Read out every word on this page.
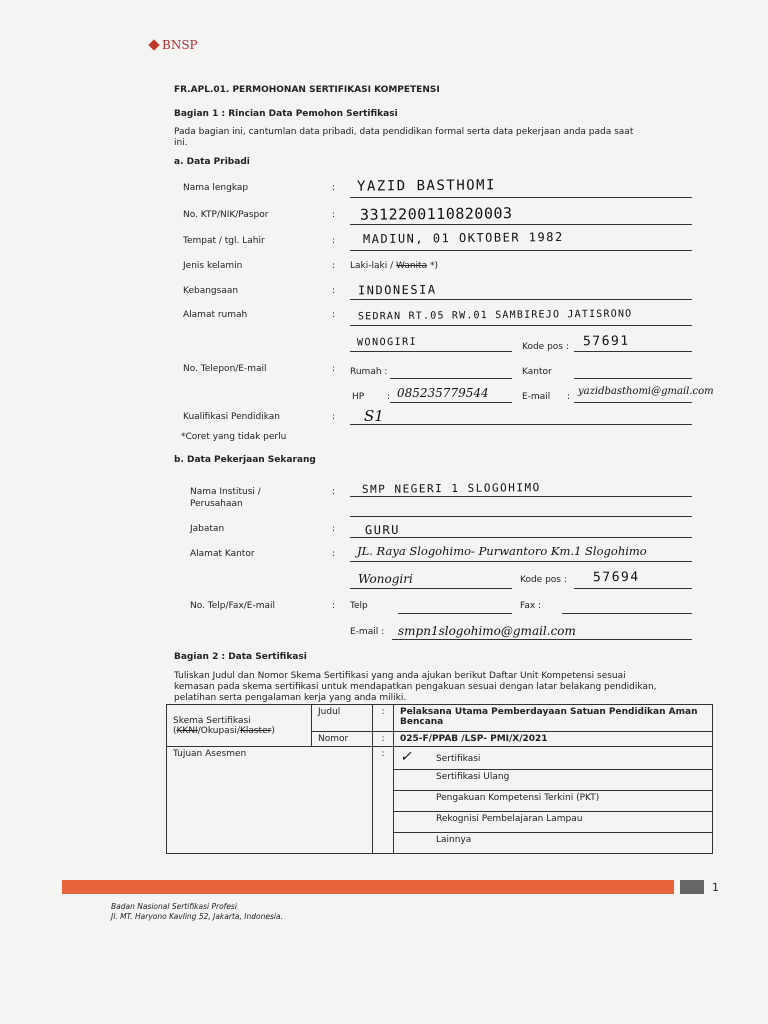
BNSP
FR.APL.01. PERMOHONAN SERTIFIKASI KOMPETENSI
Bagian 1 : Rincian Data Pemohon Sertifikasi
Pada bagian ini, cantumlan data pribadi, data pendidikan formal serta data pekerjaan anda pada saat
ini.
a. Data Pribadi
Nama lengkap	: YAZID BASTHOMI
No. KTP/NIK/Paspor	: 3312200110820003
Tempat / tgl. Lahir	: MADIUN, 01 OKTOBER 1982
Jenis kelamin	: Laki-laki / Wanita *)
Kebangsaan	: INDONESIA
Alamat rumah	: SEDRAN RT.05 RW.01 SAMBIREJO JATISRONO
WONOGIRI	Kode pos : 57691
No. Telepon/E-mail	: Rumah :	Kantor
HP	: 085235779544	E-mail : yazidbasthomi@gmail.com
Kualifikasi Pendidikan	: S1
*Coret yang tidak perlu
b. Data Pekerjaan Sekarang
Nama Institusi /
Perusahaan
: SMP NEGERI 1 SLOGOHIMO
Jabatan	: GURU
Alamat Kantor	: JL. Raya Slogohimo- Purwantoro Km.1 Slogohimo
Wonogiri	Kode pos : 57694
No. Telp/Fax/E-mail	: Telp	Fax :
E-mail : smpn1slogohimo@gmail.com
Bagian 2 : Data Sertifikasi
Tuliskan Judul dan Nomor Skema Sertifikasi yang anda ajukan berikut Daftar Unit Kompetensi sesuai
kemasan pada skema sertifikasi untuk mendapatkan pengakuan sesuai dengan latar belakang pendidikan,
pelatihan serta pengalaman kerja yang anda miliki.
Skema Sertifikasi
(KKNI/Okupasi/Klaster)	Judul	:	Pelaksana Utama Pemberdayaan Satuan Pendidikan Aman Bencana
	Nomor	:	025-F/PPAB /LSP- PMI/X/2021
Tujuan Asesmen		:	✓ Sertifikasi
			Sertifikasi Ulang
			Pengakuan Kompetensi Terkini (PKT)
			Rekognisi Pembelajaran Lampau
			Lainnya
1
Badan Nasional Sertifikasi Profesi
Jl. MT. Haryono Kavling 52, Jakarta, Indonesia.
